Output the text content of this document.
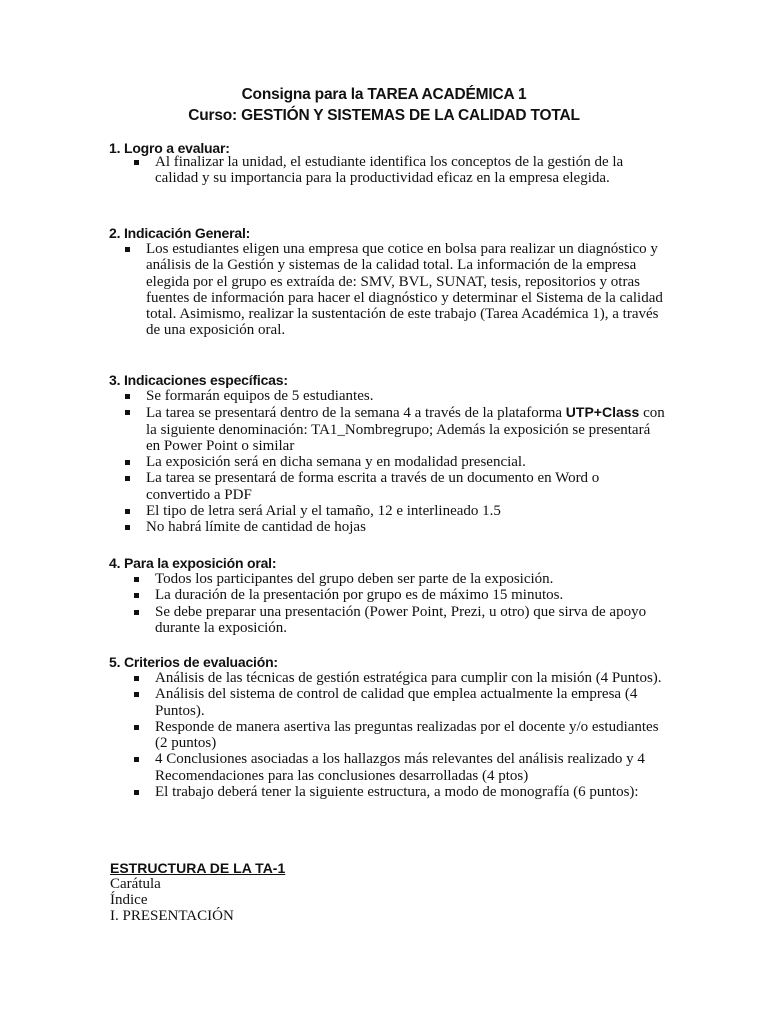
Consigna para la TAREA ACADÉMICA 1
Curso: GESTIÓN Y SISTEMAS DE LA CALIDAD TOTAL
1. Logro a evaluar:
Al finalizar la unidad, el estudiante identifica los conceptos de la gestión de la calidad y su importancia para la productividad eficaz en la empresa elegida.
2. Indicación General:
Los estudiantes eligen una empresa que cotice en bolsa para realizar un diagnóstico y análisis de la Gestión y sistemas de la calidad total. La información de la empresa elegida por el grupo es extraída de: SMV, BVL, SUNAT, tesis, repositorios y otras fuentes de información para hacer el diagnóstico y determinar el Sistema de la calidad total. Asimismo, realizar la sustentación de este trabajo (Tarea Académica 1), a través de una exposición oral.
3. Indicaciones específicas:
Se formarán equipos de 5 estudiantes.
La tarea se presentará dentro de la semana 4 a través de la plataforma UTP+Class con la siguiente denominación: TA1_Nombregrupo; Además la exposición se presentará en Power Point o similar
La exposición será en dicha semana y en modalidad presencial.
La tarea se presentará de forma escrita a través de un documento en Word o convertido a PDF
El tipo de letra será Arial y el tamaño, 12 e interlineado 1.5
No habrá límite de cantidad de hojas
4. Para la exposición oral:
Todos los participantes del grupo deben ser parte de la exposición.
La duración de la presentación por grupo es de máximo 15 minutos.
Se debe preparar una presentación (Power Point, Prezi, u otro) que sirva de apoyo durante la exposición.
5. Criterios de evaluación:
Análisis de las técnicas de gestión estratégica para cumplir con la misión (4 Puntos).
Análisis del sistema de control de calidad que emplea actualmente la empresa (4 Puntos).
Responde de manera asertiva las preguntas realizadas por el docente y/o estudiantes (2 puntos)
4 Conclusiones asociadas a los hallazgos más relevantes del análisis realizado y 4 Recomendaciones para las conclusiones desarrolladas (4 ptos)
El trabajo deberá tener la siguiente estructura, a modo de monografía (6 puntos):
ESTRUCTURA DE LA TA-1
Carátula
Índice
I. PRESENTACIÓN
